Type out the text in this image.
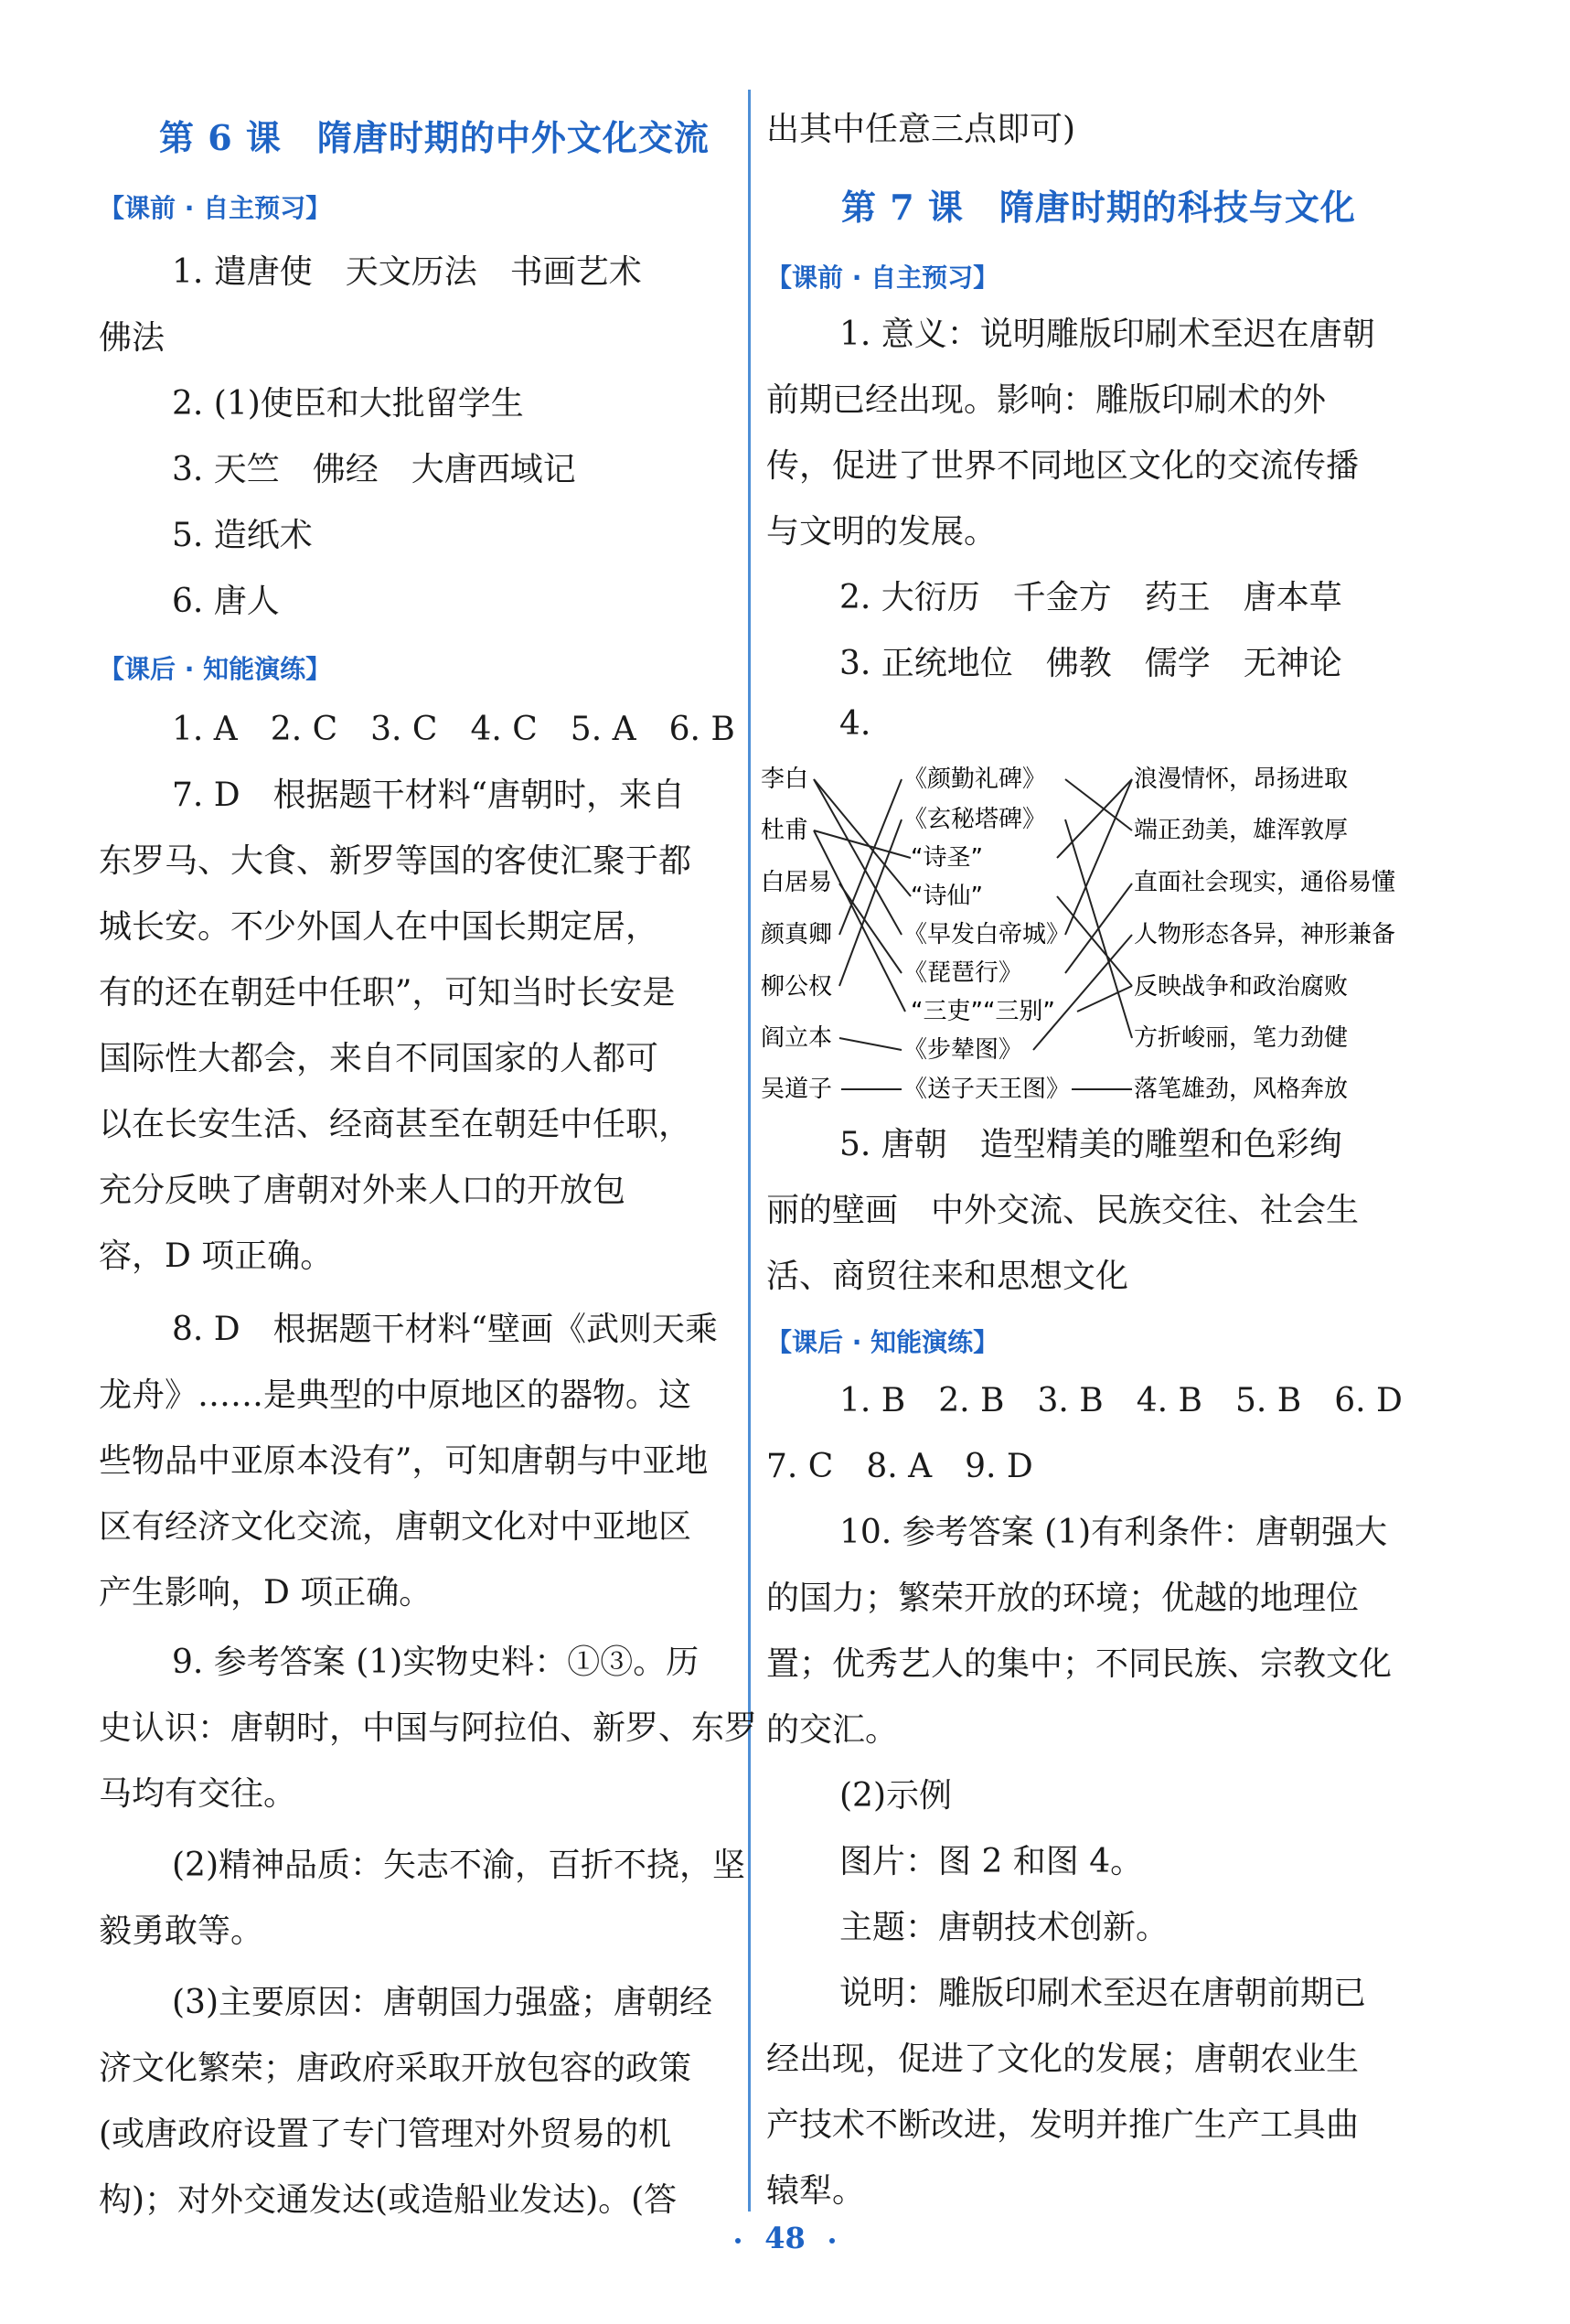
第 6 课　隋唐时期的中外文化交流
【课前 · 自主预习】
1. 遣唐使　天文历法　书画艺术
佛法
2. (1)使臣和大批留学生
3. 天竺　佛经　大唐西域记
5. 造纸术
6. 唐人
【课后 · 知能演练】
1. A　2. C　3. C　4. C　5. A　6. B
7. D　根据题干材料“唐朝时，来自
东罗马、大食、新罗等国的客使汇聚于都
城长安。不少外国人在中国长期定居，
有的还在朝廷中任职”，可知当时长安是
国际性大都会，来自不同国家的人都可
以在长安生活、经商甚至在朝廷中任职，
充分反映了唐朝对外来人口的开放包
容，D 项正确。
8. D　根据题干材料“壁画《武则天乘
龙舟》……是典型的中原地区的器物。这
些物品中亚原本没有”，可知唐朝与中亚地
区有经济文化交流，唐朝文化对中亚地区
产生影响，D 项正确。
9. 参考答案 (1)实物史料：①③。历
史认识：唐朝时，中国与阿拉伯、新罗、东罗
马均有交往。
(2)精神品质：矢志不渝，百折不挠，坚
毅勇敢等。
(3)主要原因：唐朝国力强盛；唐朝经
济文化繁荣；唐政府采取开放包容的政策
(或唐政府设置了专门管理对外贸易的机
构)；对外交通发达(或造船业发达)。(答
出其中任意三点即可)
第 7 课　隋唐时期的科技与文化
【课前 · 自主预习】
1. 意义：说明雕版印刷术至迟在唐朝
前期已经出现。影响：雕版印刷术的外
传，促进了世界不同地区文化的交流传播
与文明的发展。
2. 大衍历　千金方　药王　唐本草
3. 正统地位　佛教　儒学　无神论
4.
李白
杜甫
白居易
颜真卿
柳公权
阎立本
吴道子
《颜勤礼碑》
《玄秘塔碑》
“诗圣”
“诗仙”
《早发白帝城》
《琵琶行》
“三吏”“三别”
《步辇图》
《送子天王图》
浪漫情怀，昂扬进取
端正劲美，雄浑敦厚
直面社会现实，通俗易懂
人物形态各异，神形兼备
反映战争和政治腐败
方折峻丽，笔力劲健
落笔雄劲，风格奔放
5. 唐朝　造型精美的雕塑和色彩绚
丽的壁画　中外交流、民族交往、社会生
活、商贸往来和思想文化
【课后 · 知能演练】
1. B　2. B　3. B　4. B　5. B　6. D
7. C　8. A　9. D
10. 参考答案 (1)有利条件：唐朝强大
的国力；繁荣开放的环境；优越的地理位
置；优秀艺人的集中；不同民族、宗教文化
的交汇。
(2)示例
图片：图 2 和图 4。
主题：唐朝技术创新。
说明：雕版印刷术至迟在唐朝前期已
经出现，促进了文化的发展；唐朝农业生
产技术不断改进，发明并推广生产工具曲
辕犁。
48
